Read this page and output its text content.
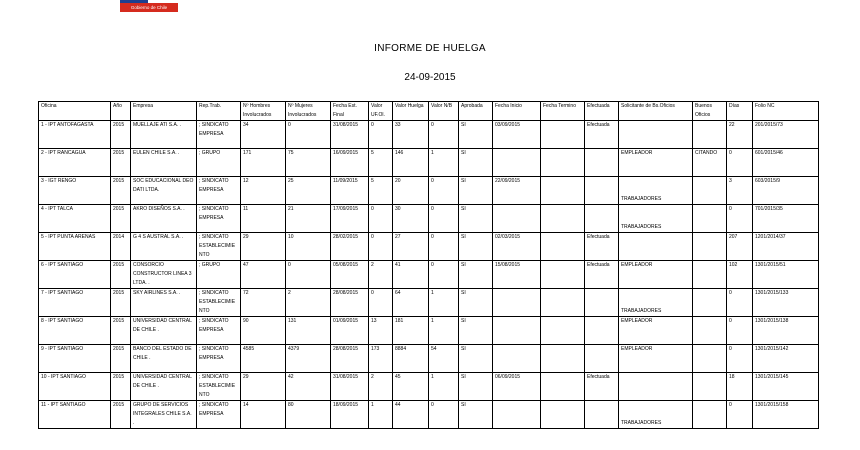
Gobierno de Chile
INFORME DE HUELGA
24-09-2015
Oficina	Año	Empresa	Rep.Trab.	Nº Hombres Involucrados	Nº Mujeres Involucrados	Fecha Est. Final	Valor UF.Ol.	Valor Huelga	Valor N/B	Aprobada	Fecha Inicio	Fecha Termino	Efectuada	Solicitante de Bs.Oficios	Buenos Oficios	Días	Folio NC
1 - IPT ANTOFAGASTA	2015	MUELLAJE ATI S.A. .	; SINDICATO EMPRESA	34	0	31/08/2015	0	33	0	SI	03/09/2015		Efectuada			22	201/2015/73
2 - IPT RANCAGUA	2015	EULEN CHILE S.A. .	; GRUPO	171	75	16/09/2015	5	146	1	SI				EMPLEADOR	CITANDO	0	601/2015/46
3 - IGT RENGO	2015	SOC EDUCACIONAL DEO DATI LTDA.	; SINDICATO EMPRESA	12	25	11/09/2015	5	20	0	SI	22/09/2015			TRABAJADORES		3	603/2015/9
4 - IPT TALCA	2015	AKRO DISEÑOS S.A. .	; SINDICATO EMPRESA	11	21	17/09/2015	0	30	0	SI				TRABAJADORES		0	701/2015/35
5 - IPT PUNTA ARENAS	2014	G 4 S AUSTRAL S.A. .	; SINDICATO ESTABLECIMIENTO	29	10	28/02/2015	0	27	0	SI	02/03/2015		Efectuada			207	1201/2014/37
6 - IPT SANTIAGO	2015	CONSORCIO CONSTRUCTOR LINEA 3 LTDA. .	; GRUPO	47	0	05/08/2015	2	41	0	SI	15/08/2015		Efectuada	EMPLEADOR		102	1301/2015/51
7 - IPT SANTIAGO	2015	SKY AIRLINES S.A. .	; SINDICATO ESTABLECIMIENTO	72	2	28/08/2015	0	64	1	SI				TRABAJADORES		0	1301/2015/133
8 - IPT SANTIAGO	2015	UNIVERSIDAD CENTRAL DE CHILE .	; SINDICATO EMPRESA	90	131	01/09/2015	13	181	1	SI				EMPLEADOR		0	1301/2015/138
9 - IPT SANTIAGO	2015	BANCO DEL ESTADO DE CHILE .	; SINDICATO EMPRESA	4585	4379	28/08/2015	173	8884	54	SI				EMPLEADOR		0	1301/2015/142
10 - IPT SANTIAGO	2015	UNIVERSIDAD CENTRAL DE CHILE .	; SINDICATO ESTABLECIMIENTO	29	42	31/08/2015	2	45	1	SI	06/09/2015		Efectuada			18	1301/2015/145
11 - IPT SANTIAGO	2015	GRUPO DE SERVICIOS INTEGRALES CHILE S.A. .	; SINDICATO EMPRESA	14	80	18/09/2015	1	44	0	SI				TRABAJADORES		0	1301/2015/158
